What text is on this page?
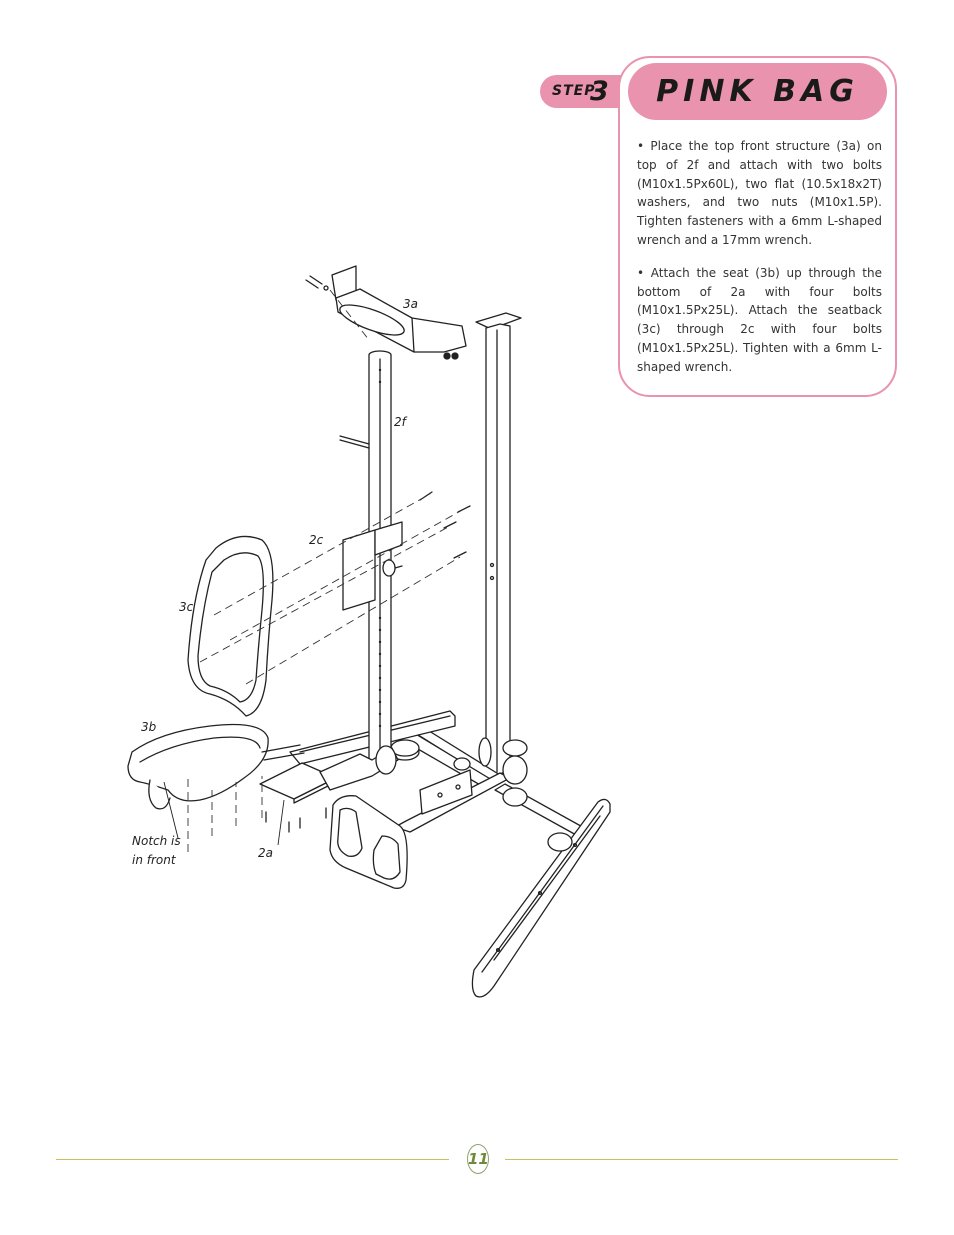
STEP
3	PINK BAG

• Place the top front structure (3a) on top of 2f and attach with two bolts (M10x1.5Px60L), two flat (10.5x18x2T) washers, and two nuts (M10x1.5P). Tighten fasteners with a 6mm L-shaped wrench and a 17mm wrench.

• Attach the seat (3b) up through the bottom of 2a with four bolts (M10x1.5Px25L). Attach the seatback (3c) through 2c with four bolts (M10x1.5Px25L). Tighten with a 6mm L-shaped wrench.

3a
2f
2c
3c
3b
2a
Notch is
in front
11
